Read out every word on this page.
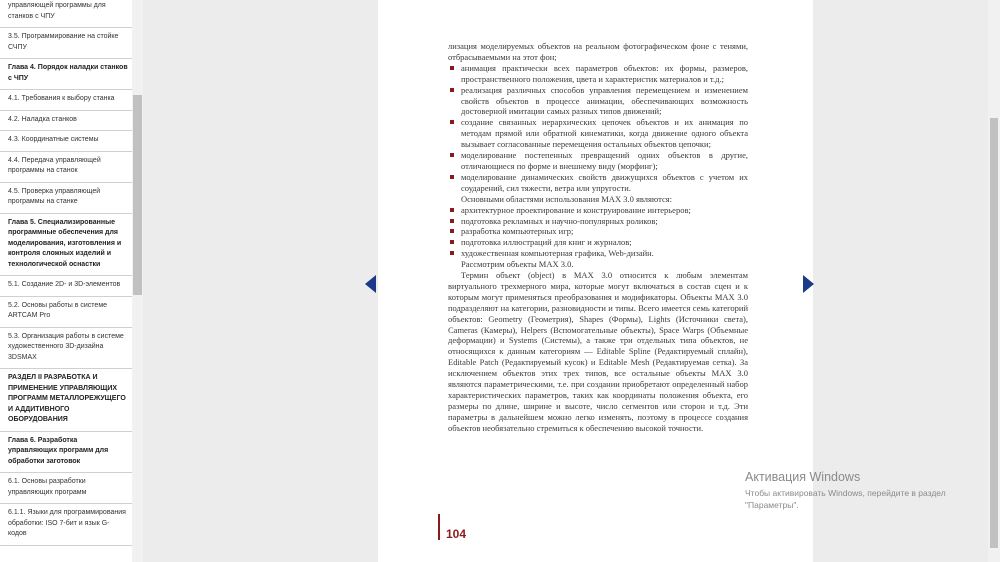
управляющей программы для станков с ЧПУ
3.5. Программирование на стойке СЧПУ
Глава 4. Порядок наладки станков с ЧПУ
4.1. Требования к выбору станка
4.2. Наладка станков
4.3. Координатные системы
4.4. Передача управляющей программы на станок
4.5. Проверка управляющей программы на станке
Глава 5. Специализированные программные обеспечения для моделирования, изготовления и контроля сложных изделий и технологической оснастки
5.1. Создание 2D- и 3D-элементов
5.2. Основы работы в системе ARTCAM Pro
5.3. Организация работы в системе художественного 3D-дизайна 3DSMAX
РАЗДЕЛ II РАЗРАБОТКА И ПРИМЕНЕНИЕ УПРАВЛЯЮЩИХ ПРОГРАММ МЕТАЛЛОРЕЖУЩЕГО И АДДИТИВНОГО ОБОРУДОВАНИЯ
Глава 6. Разработка управляющих программ для обработки заготовок
6.1. Основы разработки управляющих программ
6.1.1. Языки для программирования обработки: ISO 7-бит и язык G-кодов

лизация моделируемых объектов на реальном фотографическом фоне с тенями, отбрасываемыми на этот фон;

анимация практически всех параметров объектов: их формы, размеров, пространственного положения, цвета и характеристик материалов и т.д.;

реализация различных способов управления перемещением и изменением свойств объектов в процессе анимации, обеспечивающих возможность достоверной имитации самых разных типов движений;

создание связанных иерархических цепочек объектов и их анимация по методам прямой или обратной кинематики, когда движение одного объекта вызывает согласованные перемещения остальных объектов цепочки;

моделирование постепенных превращений одних объектов в другие, отличающиеся по форме и внешнему виду (морфинг);

моделирование динамических свойств движущихся объектов с учетом их соударений, сил тяжести, ветра или упругости.

Основными областями использования MAX 3.0 являются:

архитектурное проектирование и конструирование интерьеров;

подготовка рекламных и научно-популярных роликов;

разработка компьютерных игр;

подготовка иллюстраций для книг и журналов;

художественная компьютерная графика, Web-дизайн.

Рассмотрим объекты MAX 3.0.

Термин объект (object) в MAX 3.0 относится к любым элементам виртуального трехмерного мира, которые могут включаться в состав сцен и к которым могут применяться преобразования и модификаторы. Объекты MAX 3.0 подразделяют на категории, разновидности и типы. Всего имеется семь категорий объектов: Geometry (Геометрия), Shapes (Формы), Lights (Источники света), Cameras (Камеры), Helpers (Вспомогательные объекты), Space Warps (Объемные деформации) и Systems (Системы), а также три отдельных типа объектов, не относящихся к данным категориям — Editable Spline (Редактируемый сплайн), Editable Patch (Редактируемый кусок) и Editable Mesh (Редактируемая сетка). За исключением объектов этих трех типов, все остальные объекты MAX 3.0 являются параметрическими, т.е. при создании приобретают определенный набор характеристических параметров, таких как координаты положения объекта, его размеры по длине, ширине и высоте, число сегментов или сторон и т.д. Эти параметры в дальнейшем можно легко изменять, поэтому в процессе создания объектов необязательно стремиться к обеспечению высокой точности.

104
Активация Windows
Чтобы активировать Windows, перейдите в раздел "Параметры".
